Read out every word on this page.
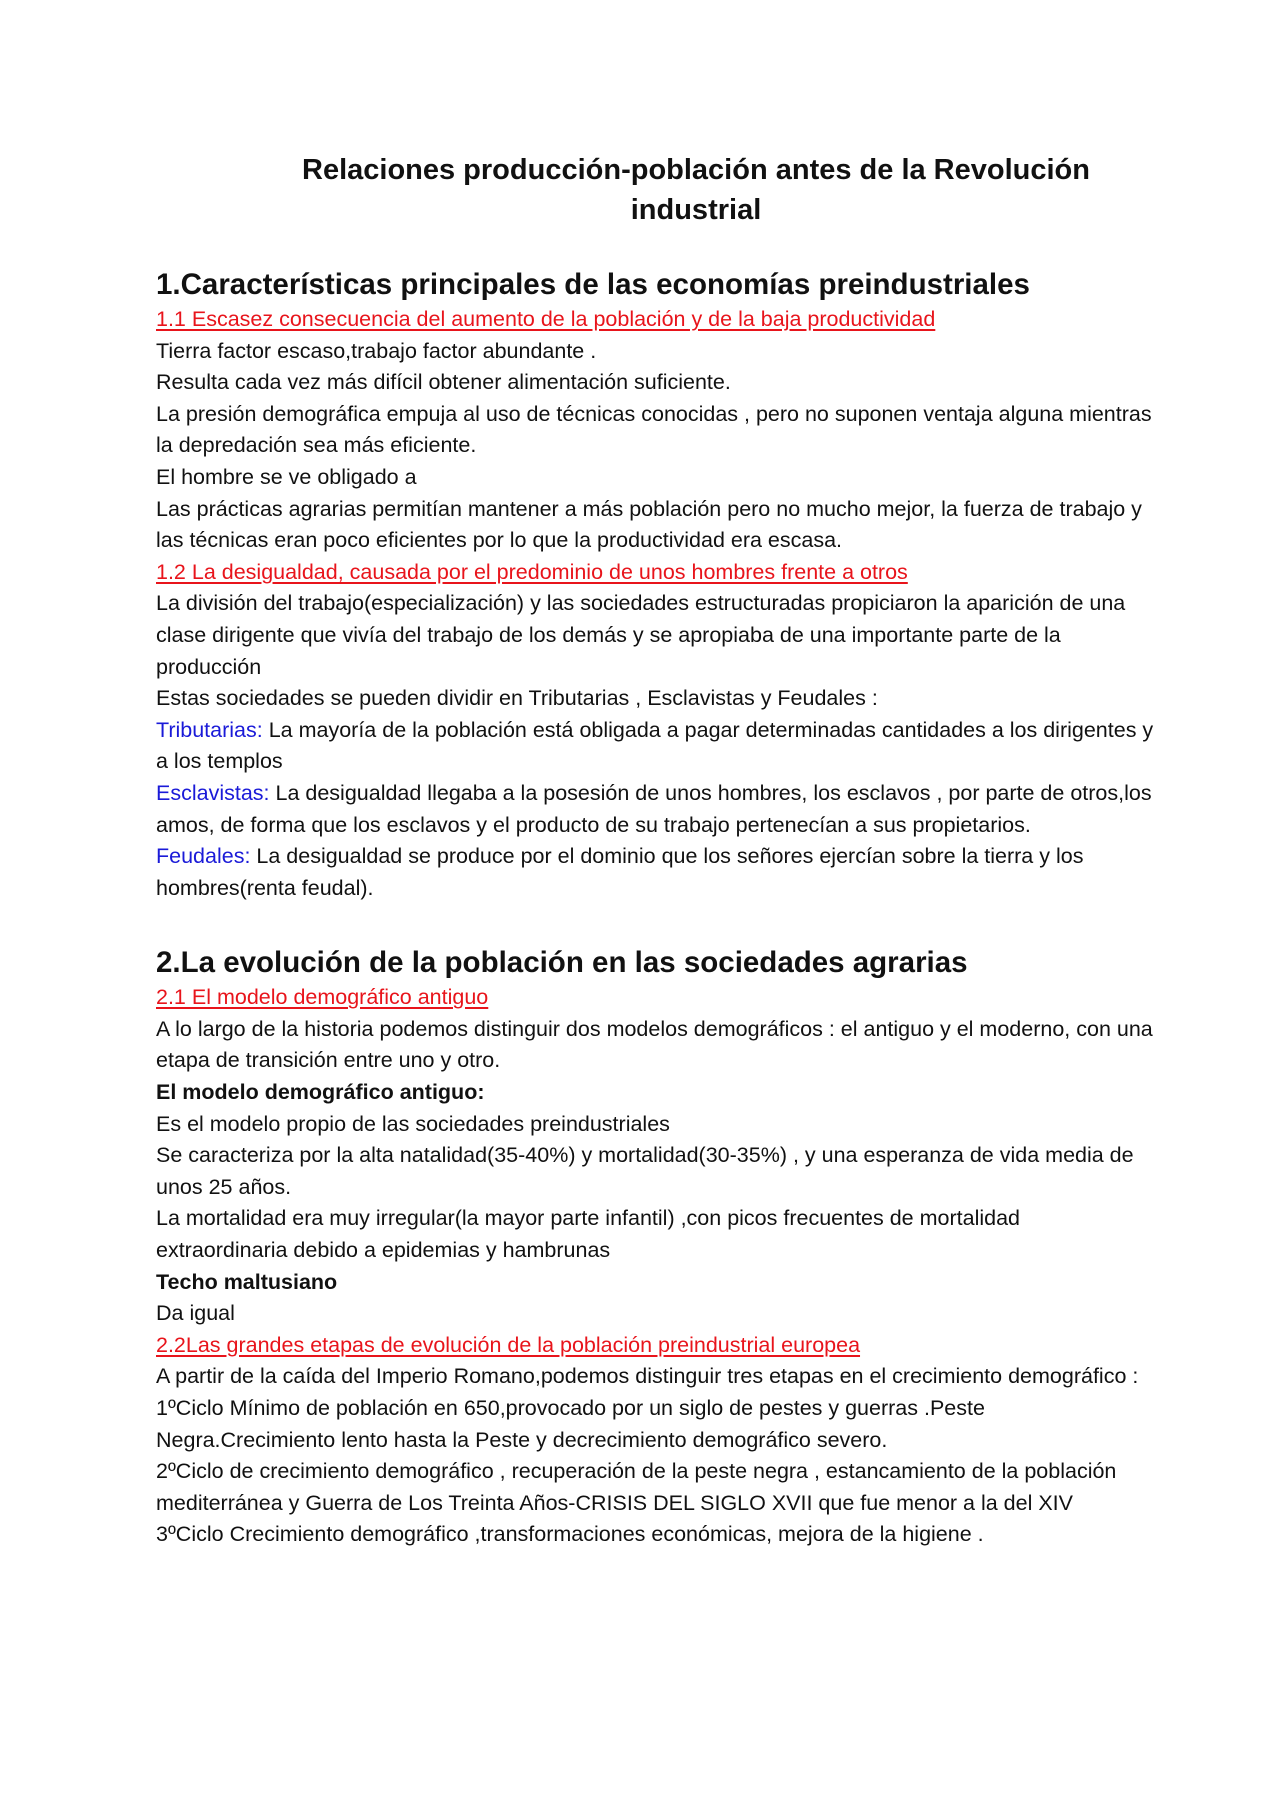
Relaciones producción-población antes de la Revolución industrial
1.Características principales de las economías preindustriales

1.1 Escasez consecuencia del aumento de la población y de la baja productividad

Tierra factor escaso,trabajo factor abundante .

Resulta cada vez más difícil obtener alimentación suficiente.

La presión demográfica empuja al uso de técnicas conocidas , pero no suponen ventaja alguna mientras la depredación sea más eficiente.

El hombre se ve obligado a

Las prácticas agrarias permitían mantener a más población pero no mucho mejor, la fuerza de trabajo y las técnicas eran poco eficientes por lo que la productividad era escasa.

1.2 La desigualdad, causada por el predominio de unos hombres frente a otros

La división del trabajo(especialización) y las sociedades estructuradas propiciaron la aparición de una clase dirigente que vivía del trabajo de los demás y se apropiaba de una importante parte de la producción

Estas sociedades se pueden dividir en Tributarias , Esclavistas y Feudales :

Tributarias: La mayoría de la población está obligada a pagar determinadas cantidades a los dirigentes y a los templos

Esclavistas: La desigualdad llegaba a la posesión de unos hombres, los esclavos , por parte de otros,los amos, de forma que los esclavos y el producto de su trabajo pertenecían a sus propietarios.

Feudales: La desigualdad se produce por el dominio que los señores ejercían sobre la tierra y los hombres(renta feudal).

2.La evolución de la población en las sociedades agrarias

2.1 El modelo demográfico antiguo

A lo largo de la historia podemos distinguir dos modelos demográficos : el antiguo y el moderno, con una etapa de transición entre uno y otro.

El modelo demográfico antiguo:

Es el modelo propio de las sociedades preindustriales

Se caracteriza por la alta natalidad(35-40%) y mortalidad(30-35%) , y una esperanza de vida media de unos 25 años.

La mortalidad era muy irregular(la mayor parte infantil) ,con picos frecuentes de mortalidad extraordinaria debido a epidemias y hambrunas

Techo maltusiano

Da igual

2.2Las grandes etapas de evolución de la población preindustrial europea

A partir de la caída del Imperio Romano,podemos distinguir tres etapas en el crecimiento demográfico :

1ºCiclo Mínimo de población en 650,provocado por un siglo de pestes y guerras .Peste Negra.Crecimiento lento hasta la Peste y decrecimiento demográfico severo.

2ºCiclo de crecimiento demográfico , recuperación de la peste negra , estancamiento de la población mediterránea y Guerra de Los Treinta Años-CRISIS DEL SIGLO XVII que fue menor a la del XIV

3ºCiclo Crecimiento demográfico ,transformaciones económicas, mejora de la higiene .
